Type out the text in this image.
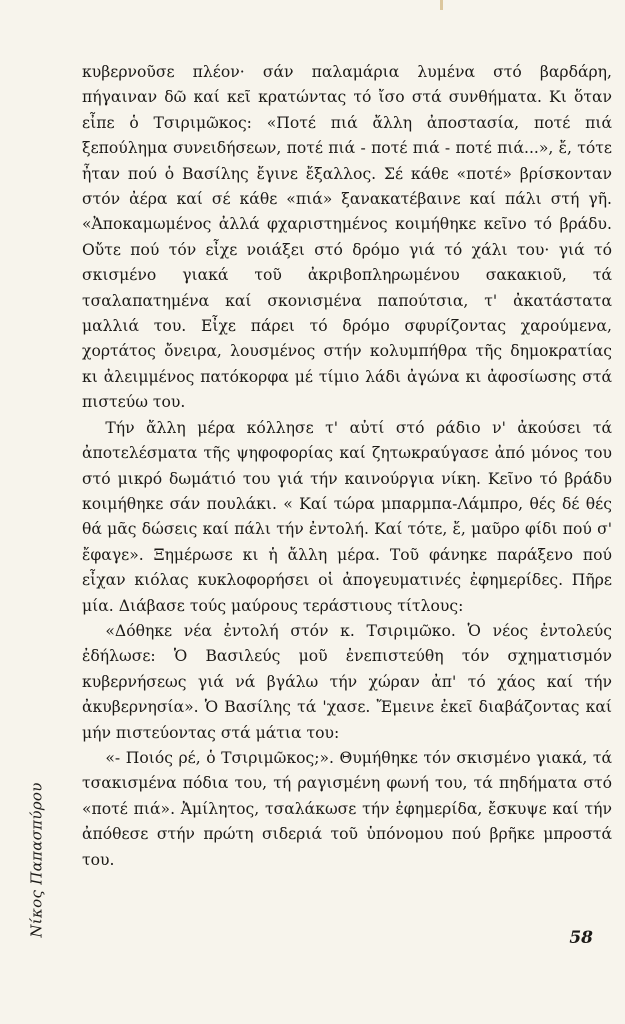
κυβερνοῦσε πλέον· σάν παλαμάρια λυμένα στό βαρδάρη, πήγαιναν δῶ καί κεῖ κρατώντας τό ἴσο στά συνθήματα. Κι ὅταν εἶπε ὁ Τσιριμῶκος: «Ποτέ πιά ἄλλη ἀποστασία, ποτέ πιά ξεπούλημα συνειδήσεων, ποτέ πιά - ποτέ πιά - ποτέ πιά...», ἔ, τότε ἦταν πού ὁ Βασίλης ἔγινε ἔξαλλος. Σέ κάθε «ποτέ» βρίσκονταν στόν ἀέρα καί σέ κάθε «πιά» ξανακατέβαινε καί πάλι στή γῆ. «Ἀποκαμωμένος ἀλλά φχαριστημένος κοιμήθηκε κεῖνο τό βράδυ. Οὔτε πού τόν εἶχε νοιάξει στό δρόμο γιά τό χάλι του· γιά τό σκισμένο γιακά τοῦ ἀκριβοπληρωμένου σακακιοῦ, τά τσαλαπατημένα καί σκονισμένα παπούτσια, τ' ἀκατάστατα μαλλιά του. Εἶχε πάρει τό δρόμο σφυρίζοντας χαρούμενα, χορτάτος ὄνειρα, λουσμένος στήν κολυμπήθρα τῆς δημοκρατίας κι ἀλειμμένος πατόκορφα μέ τίμιο λάδι ἀγώνα κι ἀφοσίωσης στά πιστεύω του.

Τήν ἄλλη μέρα κόλλησε τ' αὐτί στό ράδιο ν' ἀκούσει τά ἀποτελέσματα τῆς ψηφοφορίας καί ζητωκραύγασε ἀπό μόνος του στό μικρό δωμάτιό του γιά τήν καινούργια νίκη. Κεῖνο τό βράδυ κοιμήθηκε σάν πουλάκι. « Καί τώρα μπαρμπα-Λάμπρο, θές δέ θές θά μᾶς δώσεις καί πάλι τήν ἐντολή. Καί τότε, ἔ, μαῦρο φίδι πού σ' ἔφαγε». Ξημέρωσε κι ἡ ἄλλη μέρα. Τοῦ φάνηκε παράξενο πού εἶχαν κιόλας κυκλοφορήσει οἱ ἀπογευματινές ἐφημερίδες. Πῆρε μία. Διάβασε τούς μαύρους τεράστιους τίτλους:

«Δόθηκε νέα ἐντολή στόν κ. Τσιριμῶκο. Ὁ νέος ἐντολεύς ἐδήλωσε: Ὁ Βασιλεύς μοῦ ἐνεπιστεύθη τόν σχηματισμόν κυβερνήσεως γιά νά βγάλω τήν χώραν ἀπ' τό χάος καί τήν ἀκυβερνησία». Ὁ Βασίλης τά 'χασε. Ἔμεινε ἐκεῖ διαβάζοντας καί μήν πιστεύοντας στά μάτια του:

«- Ποιός ρέ, ὁ Τσιριμῶκος;». Θυμήθηκε τόν σκισμένο γιακά, τά τσακισμένα πόδια του, τή ραγισμένη φωνή του, τά πηδήματα στό «ποτέ πιά». Ἀμίλητος, τσαλάκωσε τήν ἐφημερίδα, ἔσκυψε καί τήν ἀπόθεσε στήν πρώτη σιδεριά τοῦ ὑπόνομου πού βρῆκε μπροστά του.

Νίκος Παπασπύρου
58
